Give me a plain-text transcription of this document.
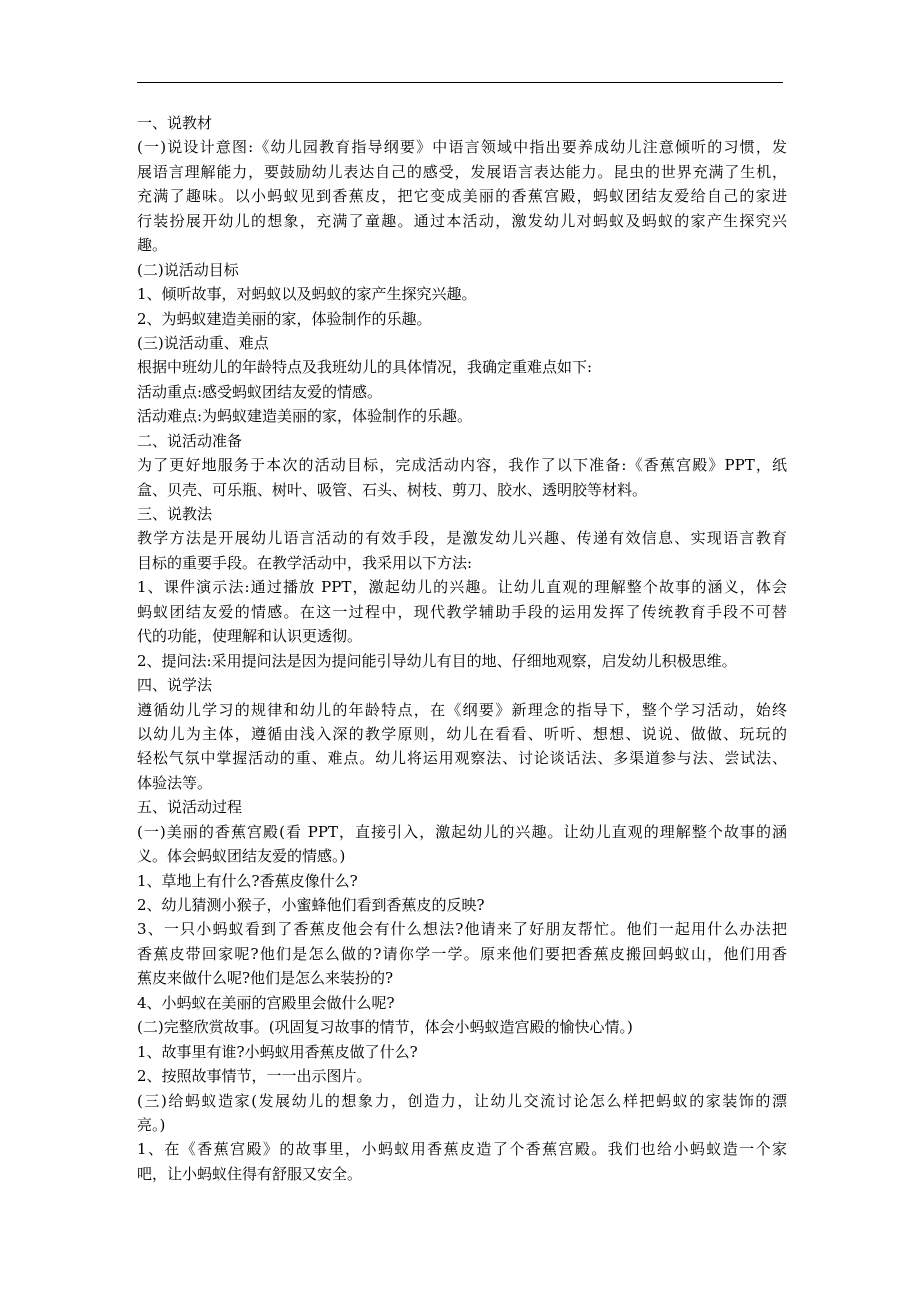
一、说教材
(一)说设计意图:《幼儿园教育指导纲要》中语言领域中指出要养成幼儿注意倾听的习惯，发
展语言理解能力，要鼓励幼儿表达自己的感受，发展语言表达能力。昆虫的世界充满了生机，
充满了趣味。以小蚂蚁见到香蕉皮，把它变成美丽的香蕉宫殿，蚂蚁团结友爱给自己的家进
行装扮展开幼儿的想象，充满了童趣。通过本活动，激发幼儿对蚂蚁及蚂蚁的家产生探究兴
趣。
(二)说活动目标
1、倾听故事，对蚂蚁以及蚂蚁的家产生探究兴趣。
2、为蚂蚁建造美丽的家，体验制作的乐趣。
(三)说活动重、难点
根据中班幼儿的年龄特点及我班幼儿的具体情况，我确定重难点如下:
活动重点:感受蚂蚁团结友爱的情感。
活动难点:为蚂蚁建造美丽的家，体验制作的乐趣。
二、说活动准备
为了更好地服务于本次的活动目标，完成活动内容，我作了以下准备:《香蕉宫殿》PPT，纸
盒、贝壳、可乐瓶、树叶、吸管、石头、树枝、剪刀、胶水、透明胶等材料。
三、说教法
教学方法是开展幼儿语言活动的有效手段，是激发幼儿兴趣、传递有效信息、实现语言教育
目标的重要手段。在教学活动中，我采用以下方法:
1、课件演示法:通过播放 PPT，激起幼儿的兴趣。让幼儿直观的理解整个故事的涵义，体会
蚂蚁团结友爱的情感。在这一过程中，现代教学辅助手段的运用发挥了传统教育手段不可替
代的功能，使理解和认识更透彻。
2、提问法:采用提问法是因为提问能引导幼儿有目的地、仔细地观察，启发幼儿积极思维。
四、说学法
遵循幼儿学习的规律和幼儿的年龄特点，在《纲要》新理念的指导下，整个学习活动，始终
以幼儿为主体，遵循由浅入深的教学原则，幼儿在看看、听听、想想、说说、做做、玩玩的
轻松气氛中掌握活动的重、难点。幼儿将运用观察法、讨论谈话法、多渠道参与法、尝试法、
体验法等。
五、说活动过程
(一)美丽的香蕉宫殿(看 PPT，直接引入，激起幼儿的兴趣。让幼儿直观的理解整个故事的涵
义。体会蚂蚁团结友爱的情感。)
1、草地上有什么?香蕉皮像什么?
2、幼儿猜测小猴子，小蜜蜂他们看到香蕉皮的反映?
3、一只小蚂蚁看到了香蕉皮他会有什么想法?他请来了好朋友帮忙。他们一起用什么办法把
香蕉皮带回家呢?他们是怎么做的?请你学一学。原来他们要把香蕉皮搬回蚂蚁山，他们用香
蕉皮来做什么呢?他们是怎么来装扮的?
4、小蚂蚁在美丽的宫殿里会做什么呢?
(二)完整欣赏故事。(巩固复习故事的情节，体会小蚂蚁造宫殿的愉快心情。)
1、故事里有谁?小蚂蚁用香蕉皮做了什么?
2、按照故事情节，一一出示图片。
(三)给蚂蚁造家(发展幼儿的想象力，创造力，让幼儿交流讨论怎么样把蚂蚁的家装饰的漂
亮。)
1、在《香蕉宫殿》的故事里，小蚂蚁用香蕉皮造了个香蕉宫殿。我们也给小蚂蚁造一个家
吧，让小蚂蚁住得有舒服又安全。
